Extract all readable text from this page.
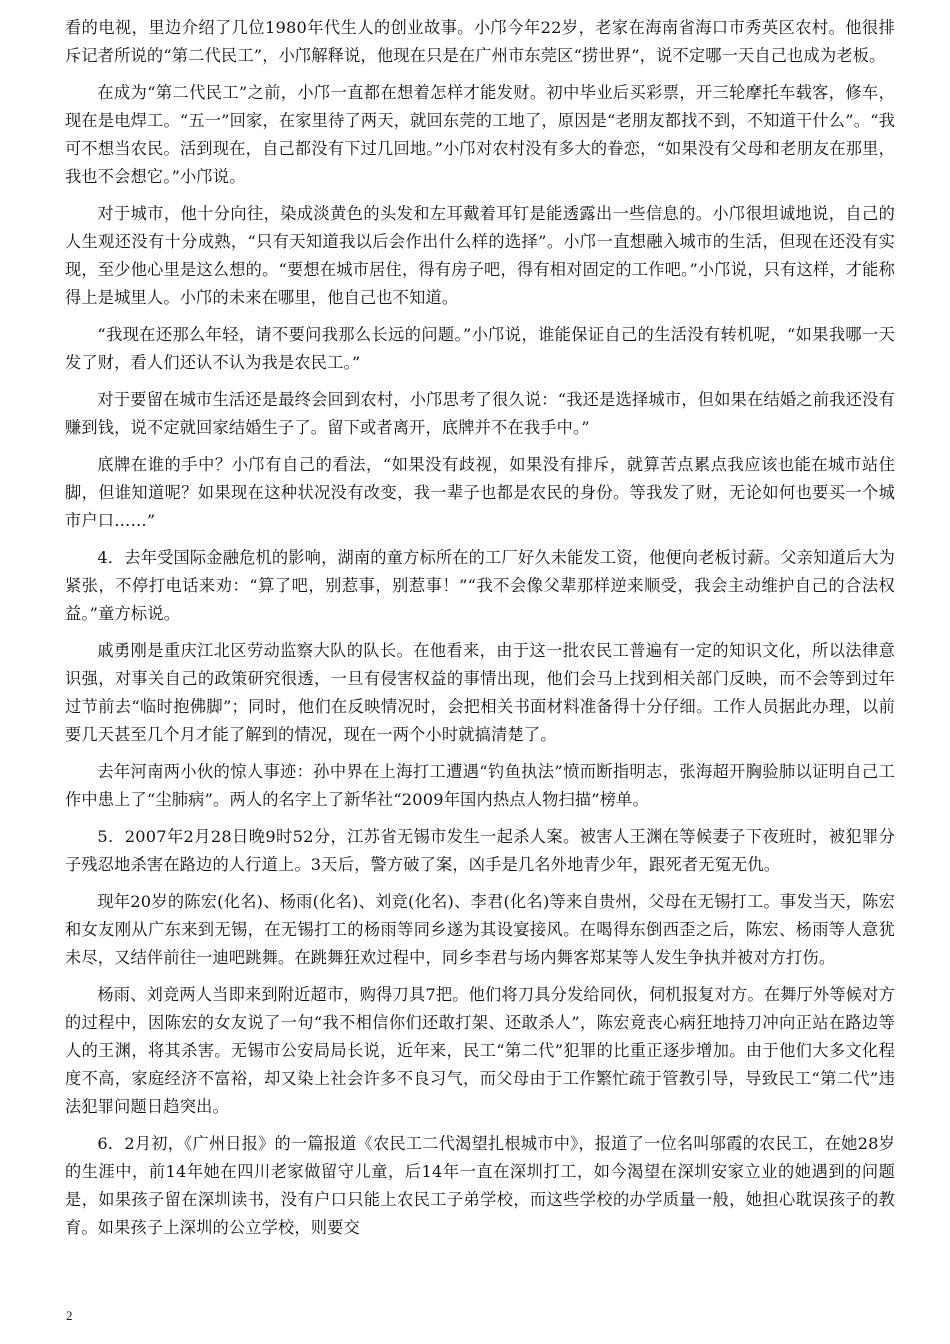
看的电视，里边介绍了几位1980年代生人的创业故事。小邝今年22岁，老家在海南省海口市秀英区农村。他很排斥记者所说的“第二代民工”，小邝解释说，他现在只是在广州市东莞区“捞世界”，说不定哪一天自己也成为老板。

在成为“第二代民工”之前，小邝一直都在想着怎样才能发财。初中毕业后买彩票，开三轮摩托车载客，修车，现在是电焊工。“五一”回家，在家里待了两天，就回东莞的工地了，原因是“老朋友都找不到，不知道干什么”。“我可不想当农民。活到现在，自己都没有下过几回地。”小邝对农村没有多大的眷恋，“如果没有父母和老朋友在那里，我也不会想它。”小邝说。

对于城市，他十分向往，染成淡黄色的头发和左耳戴着耳钉是能透露出一些信息的。小邝很坦诚地说，自己的人生观还没有十分成熟，“只有天知道我以后会作出什么样的选择”。小邝一直想融入城市的生活，但现在还没有实现，至少他心里是这么想的。“要想在城市居住，得有房子吧，得有相对固定的工作吧。”小邝说，只有这样，才能称得上是城里人。小邝的未来在哪里，他自己也不知道。

“我现在还那么年轻，请不要问我那么长远的问题。”小邝说，谁能保证自己的生活没有转机呢，“如果我哪一天发了财，看人们还认不认为我是农民工。”

对于要留在城市生活还是最终会回到农村，小邝思考了很久说：“我还是选择城市，但如果在结婚之前我还没有赚到钱，说不定就回家结婚生子了。留下或者离开，底牌并不在我手中。”

底牌在谁的手中？小邝有自己的看法，“如果没有歧视，如果没有排斥，就算苦点累点我应该也能在城市站住脚，但谁知道呢？如果现在这种状况没有改变，我一辈子也都是农民的身份。等我发了财，无论如何也要买一个城市户口……”

4．去年受国际金融危机的影响，湖南的童方标所在的工厂好久未能发工资，他便向老板讨薪。父亲知道后大为紧张，不停打电话来劝：“算了吧，别惹事，别惹事！”“我不会像父辈那样逆来顺受，我会主动维护自己的合法权益。”童方标说。

戚勇刚是重庆江北区劳动监察大队的队长。在他看来，由于这一批农民工普遍有一定的知识文化，所以法律意识强，对事关自己的政策研究很透，一旦有侵害权益的事情出现，他们会马上找到相关部门反映，而不会等到过年过节前去“临时抱佛脚”；同时，他们在反映情况时，会把相关书面材料准备得十分仔细。工作人员据此办理，以前要几天甚至几个月才能了解到的情况，现在一两个小时就搞清楚了。

去年河南两小伙的惊人事迹：孙中界在上海打工遭遇“钓鱼执法”愤而断指明志，张海超开胸验肺以证明自己工作中患上了“尘肺病”。两人的名字上了新华社“2009年国内热点人物扫描”榜单。

5．2007年2月28日晚9时52分，江苏省无锡市发生一起杀人案。被害人王渊在等候妻子下夜班时，被犯罪分子残忍地杀害在路边的人行道上。3天后，警方破了案，凶手是几名外地青少年，跟死者无冤无仇。

现年20岁的陈宏(化名)、杨雨(化名)、刘竞(化名)、李君(化名)等来自贵州，父母在无锡打工。事发当天，陈宏和女友刚从广东来到无锡，在无锡打工的杨雨等同乡遂为其设宴接风。在喝得东倒西歪之后，陈宏、杨雨等人意犹未尽，又结伴前往一迪吧跳舞。在跳舞狂欢过程中，同乡李君与场内舞客郑某等人发生争执并被对方打伤。

杨雨、刘竞两人当即来到附近超市，购得刀具7把。他们将刀具分发给同伙，伺机报复对方。在舞厅外等候对方的过程中，因陈宏的女友说了一句“我不相信你们还敢打架、还敢杀人”，陈宏竟丧心病狂地持刀冲向正站在路边等人的王渊，将其杀害。无锡市公安局局长说，近年来，民工“第二代”犯罪的比重正逐步增加。由于他们大多文化程度不高，家庭经济不富裕，却又染上社会许多不良习气，而父母由于工作繁忙疏于管教引导，导致民工“第二代”违法犯罪问题日趋突出。

6．2月初，《广州日报》的一篇报道《农民工二代渴望扎根城市中》，报道了一位名叫邬霞的农民工，在她28岁的生涯中，前14年她在四川老家做留守儿童，后14年一直在深圳打工，如今渴望在深圳安家立业的她遇到的问题是，如果孩子留在深圳读书，没有户口只能上农民工子弟学校，而这些学校的办学质量一般，她担心耽误孩子的教育。如果孩子上深圳的公立学校，则要交

2
